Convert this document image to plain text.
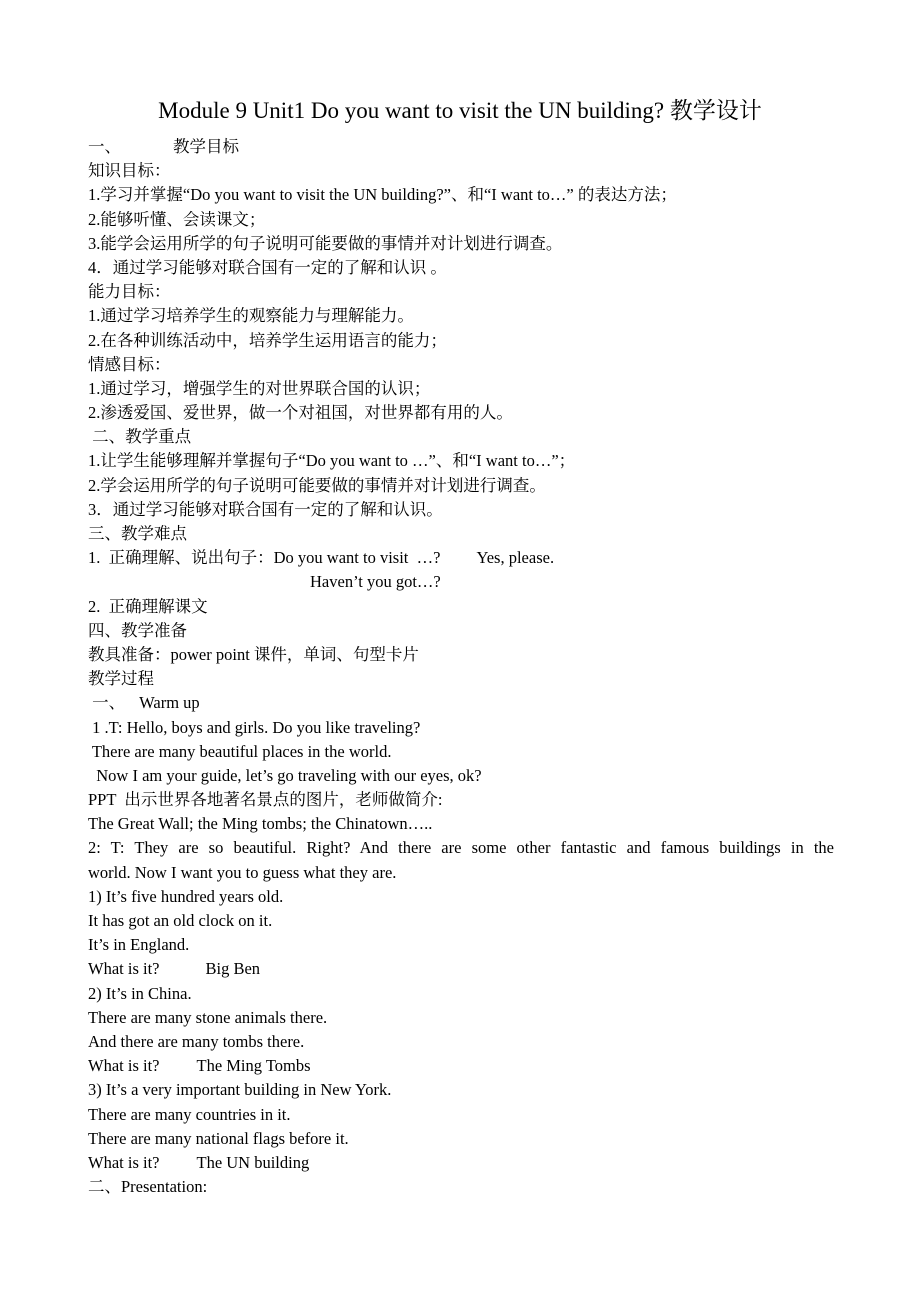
Module 9 Unit1 Do you want to visit the UN building? 教学设计
一、	教学目标
知识目标：
1.学习并掌握“Do you want to visit the UN building?”、和“I want to…” 的表达方法；
2.能够听懂、会读课文；
3.能学会运用所学的句子说明可能要做的事情并对计划进行调查。
4．通过学习能够对联合国有一定的了解和认识 。
能力目标：
1.通过学习培养学生的观察能力与理解能力。
2.在各种训练活动中，培养学生运用语言的能力；
情感目标：
1.通过学习，增强学生的对世界联合国的认识；
2.渗透爱国、爱世界，做一个对祖国，对世界都有用的人。
二、教学重点
1.让学生能够理解并掌握句子“Do you want to …”、和“I want to…”；
2.学会运用所学的句子说明可能要做的事情并对计划进行调查。
3．通过学习能够对联合国有一定的了解和认识。
三、教学难点
1.  正确理解、说出句子：Do you want to visit  …? Yes, please.
Haven’t you got…?
2.  正确理解课文
四、教学准备
教具准备：power point 课件，单词、句型卡片
教学过程
一、 Warm up
1 .T: Hello, boys and girls. Do you like traveling?
There are many beautiful places in the world.
Now I am your guide, let’s go traveling with our eyes, ok?
PPT  出示世界各地著名景点的图片，老师做简介:
The Great Wall; the Ming tombs; the Chinatown…..
2: T: They are so beautiful. Right? And there are some other fantastic and famous buildings in the
world. Now I want you to guess what they are.
1) It’s five hundred years old.
It has got an old clock on it.
It’s in England.
What is it?	Big Ben
2) It’s in China.
There are many stone animals there.
And there are many tombs there.
What is it? The Ming Tombs
3) It’s a very important building in New York.
There are many countries in it.
There are many national flags before it.
What is it? The UN building
二、Presentation:
